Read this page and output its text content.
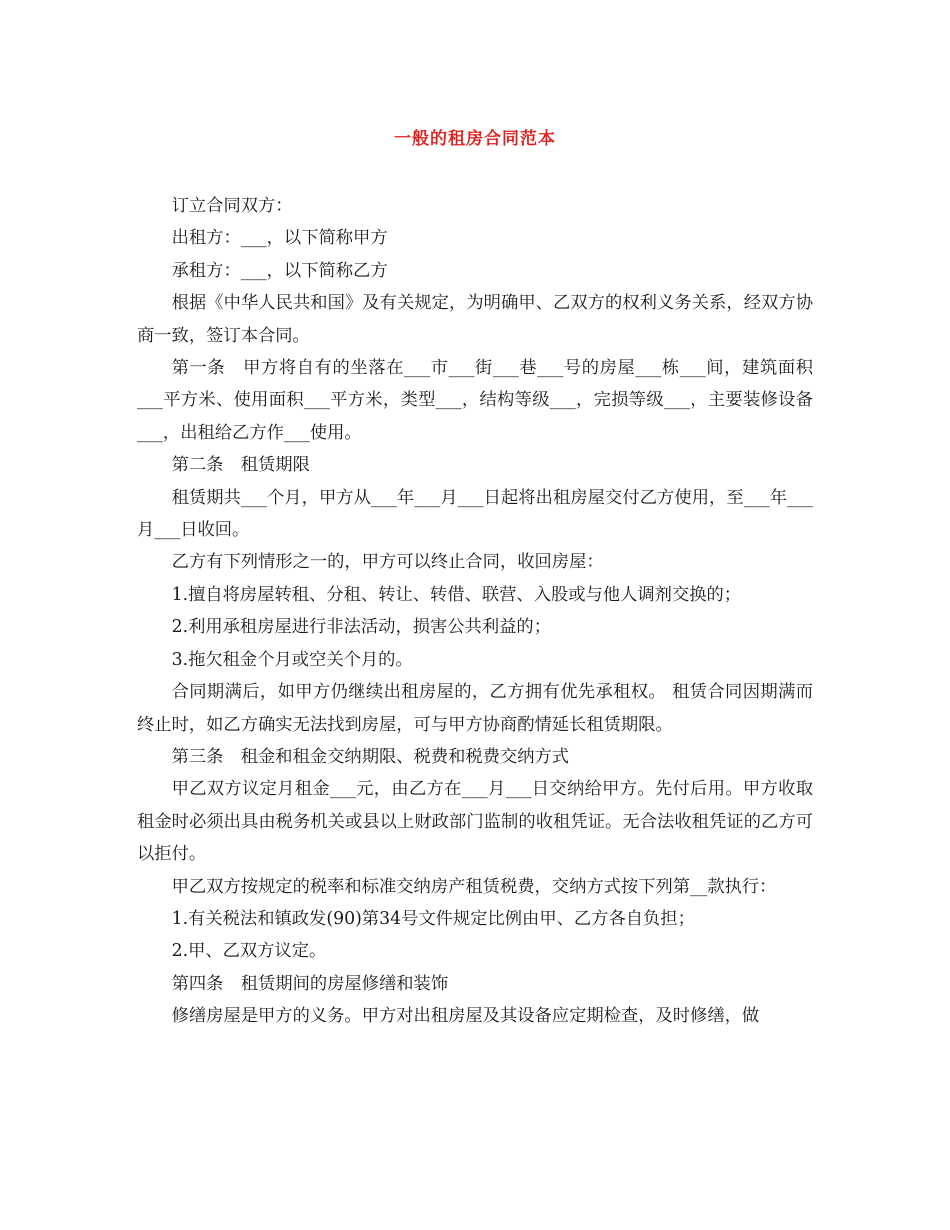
一般的租房合同范本

订立合同双方：

出租方：___，以下简称甲方

承租方：___，以下简称乙方

根据《中华人民共和国》及有关规定，为明确甲、乙双方的权利义务关系，经双方协商一致，签订本合同。

第一条　甲方将自有的坐落在___市___街___巷___号的房屋___栋___间，建筑面积___平方米、使用面积___平方米，类型___，结构等级___，完损等级___，主要装修设备___，出租给乙方作___使用。

第二条　租赁期限

租赁期共___个月，甲方从___年___月___日起将出租房屋交付乙方使用，至___年___月___日收回。

乙方有下列情形之一的，甲方可以终止合同，收回房屋：

1.擅自将房屋转租、分租、转让、转借、联营、入股或与他人调剂交换的；

2.利用承租房屋进行非法活动，损害公共利益的；

3.拖欠租金个月或空关个月的。

合同期满后，如甲方仍继续出租房屋的，乙方拥有优先承租权。 租赁合同因期满而终止时，如乙方确实无法找到房屋，可与甲方协商酌情延长租赁期限。

第三条　租金和租金交纳期限、税费和税费交纳方式

甲乙双方议定月租金___元，由乙方在___月___日交纳给甲方。先付后用。甲方收取租金时必须出具由税务机关或县以上财政部门监制的收租凭证。无合法收租凭证的乙方可以拒付。

甲乙双方按规定的税率和标准交纳房产租赁税费，交纳方式按下列第__款执行：

1.有关税法和镇政发(90)第34号文件规定比例由甲、乙方各自负担；

2.甲、乙双方议定。

第四条　租赁期间的房屋修缮和装饰

修缮房屋是甲方的义务。甲方对出租房屋及其设备应定期检查，及时修缮，做
